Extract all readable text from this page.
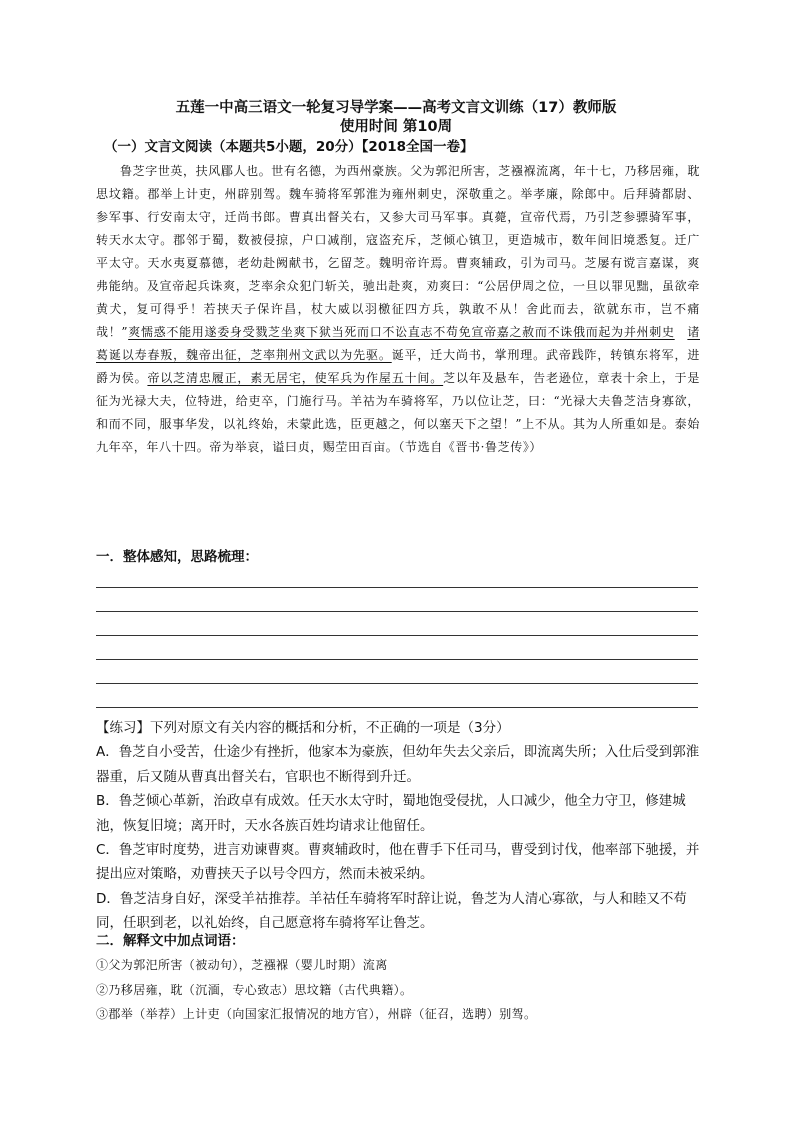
五莲一中高三语文一轮复习导学案——高考文言文训练（17）教师版
使用时间 第10周
（一）文言文阅读（本题共5小题，20分）【2018全国一卷】

鲁芝字世英，扶风郿人也。世有名德，为西州豪族。父为郭汜所害，芝襁褓流离，年十七，乃移居雍，耽思坟籍。郡举上计吏，州辟别驾。魏车骑将军郭淮为雍州刺史，深敬重之。举孝廉，除郎中。后拜骑都尉、参军事、行安南太守，迁尚书郎。曹真出督关右，又参大司马军事。真薨，宣帝代焉，乃引芝参骠骑军事，转天水太守。郡邻于蜀，数被侵掠，户口减削，寇盗充斥，芝倾心镇卫，更造城市，数年间旧境悉复。迁广平太守。天水夷夏慕德，老幼赴阙献书，乞留芝。魏明帝许焉。曹爽辅政，引为司马。芝屡有谠言嘉谋，爽弗能纳。及宣帝起兵诛爽，芝率余众犯门斩关，驰出赴爽，劝爽曰：“公居伊周之位，一旦以罪见黜，虽欲牵黄犬，复可得乎！若挟天子保许昌，杖大威以羽檄征四方兵，孰敢不从！舍此而去，欲就东市，岂不痛哉！”爽懦惑不能用遂委身受戮芝坐爽下狱当死而口不讼直志不苟免宣帝嘉之赦而不诛俄而起为并州刺史　 诸葛诞以寿春叛，魏帝出征，芝率荆州文武以为先驱。诞平，迁大尚书，掌刑理。武帝践阼，转镇东将军，进爵为侯。帝以芝清忠履正，素无居宅，使军兵为作屋五十间。芝以年及悬车，告老逊位，章表十余上，于是征为光禄大夫，位特进，给吏卒，门施行马。羊祜为车骑将军，乃以位让芝，曰：“光禄大夫鲁芝洁身寡欲，和而不同，服事华发，以礼终始，未蒙此选，臣更越之，何以塞天下之望！”上不从。其为人所重如是。泰始九年卒，年八十四。帝为举哀，谥曰贞，赐茔田百亩。（节选自《晋书·鲁芝传》）

一．整体感知，思路梳理：
【练习】下列对原文有关内容的概括和分析，不正确的一项是（3分）
A．鲁芝自小受苦，仕途少有挫折，他家本为豪族，但幼年失去父亲后，即流离失所；入仕后受到郭淮器重，后又随从曹真出督关右，官职也不断得到升迁。
B．鲁芝倾心革新，治政卓有成效。任天水太守时，蜀地饱受侵扰，人口减少，他全力守卫，修建城池，恢复旧境；离开时，天水各族百姓均请求让他留任。
C．鲁芝审时度势，进言劝谏曹爽。曹爽辅政时，他在曹手下任司马，曹受到讨伐，他率部下驰援，并提出应对策略，劝曹挟天子以号令四方，然而未被采纳。
D．鲁芝洁身自好，深受羊祜推荐。羊祜任车骑将军时辞让说，鲁芝为人清心寡欲，与人和睦又不苟同，任职到老，以礼始终，自己愿意将车骑将军让鲁芝。
二．解释文中加点词语：
①父为郭汜所害（被动句），芝襁褓（婴儿时期）流离
②乃移居雍，耽（沉湎，专心致志）思坟籍（古代典籍）。
③郡举（举荐）上计吏（向国家汇报情况的地方官），州辟（征召，选聘）别驾。
